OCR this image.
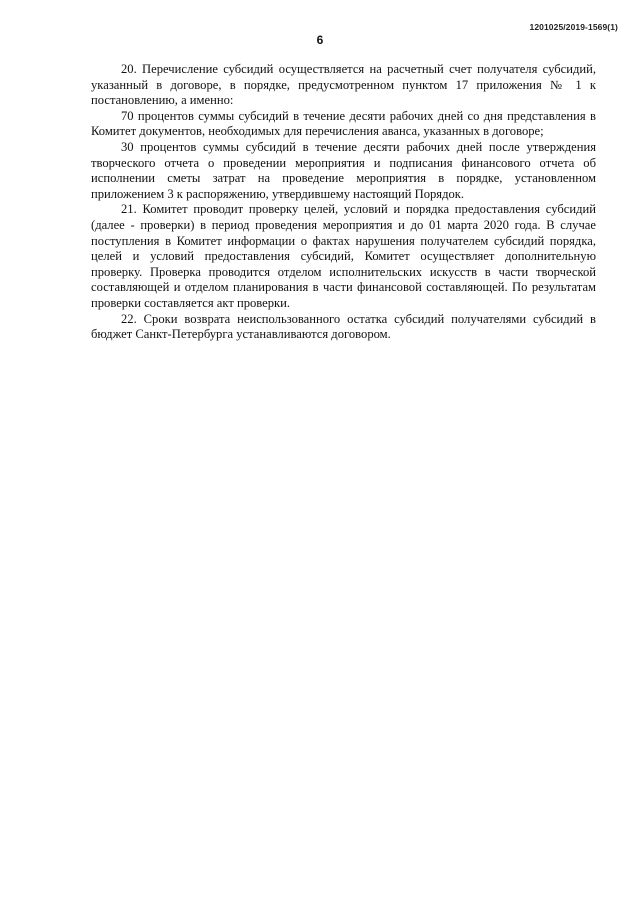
1201025/2019-1569(1)
6

20. Перечисление субсидий осуществляется на расчетный счет получателя субсидий, указанный в договоре, в порядке, предусмотренном пунктом 17 приложения № 1 к постановлению, а именно:

70 процентов суммы субсидий в течение десяти рабочих дней со дня представления в Комитет документов, необходимых для перечисления аванса, указанных в договоре;

30 процентов суммы субсидий в течение десяти рабочих дней после утверждения творческого отчета о проведении мероприятия и подписания финансового отчета об исполнении сметы затрат на проведение мероприятия в порядке, установленном приложением 3 к распоряжению, утвердившему настоящий Порядок.

21. Комитет проводит проверку целей, условий и порядка предоставления субсидий (далее - проверки) в период проведения мероприятия и до 01 марта 2020 года. В случае поступления в Комитет информации о фактах нарушения получателем субсидий порядка, целей и условий предоставления субсидий, Комитет осуществляет дополнительную проверку. Проверка проводится отделом исполнительских искусств в части творческой составляющей и отделом планирования в части финансовой составляющей. По результатам проверки составляется акт проверки.

22. Сроки возврата неиспользованного остатка субсидий получателями субсидий в бюджет Санкт-Петербурга устанавливаются договором.
